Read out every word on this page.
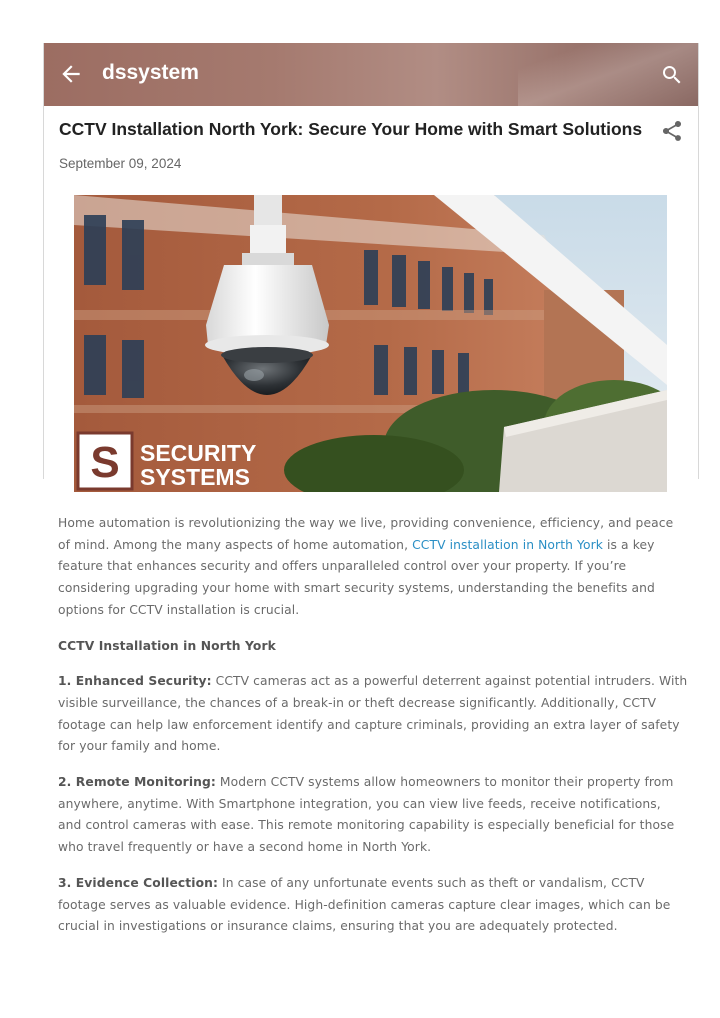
dssystem
CCTV Installation North York: Secure Your Home with Smart Solutions
September 09, 2024
S SECURITY
SYSTEMS

Home automation is revolutionizing the way we live, providing convenience, efficiency, and peace of mind. Among the many aspects of home automation, CCTV installation in North York is a key feature that enhances security and offers unparalleled control over your property. If you’re considering upgrading your home with smart security systems, understanding the benefits and options for CCTV installation is crucial.

CCTV Installation in North York

1. Enhanced Security: CCTV cameras act as a powerful deterrent against potential intruders. With visible surveillance, the chances of a break-in or theft decrease significantly. Additionally, CCTV footage can help law enforcement identify and capture criminals, providing an extra layer of safety for your family and home.

2. Remote Monitoring: Modern CCTV systems allow homeowners to monitor their property from anywhere, anytime. With Smartphone integration, you can view live feeds, receive notifications, and control cameras with ease. This remote monitoring capability is especially beneficial for those who travel frequently or have a second home in North York.

3. Evidence Collection: In case of any unfortunate events such as theft or vandalism, CCTV footage serves as valuable evidence. High-definition cameras capture clear images, which can be crucial in investigations or insurance claims, ensuring that you are adequately protected.
